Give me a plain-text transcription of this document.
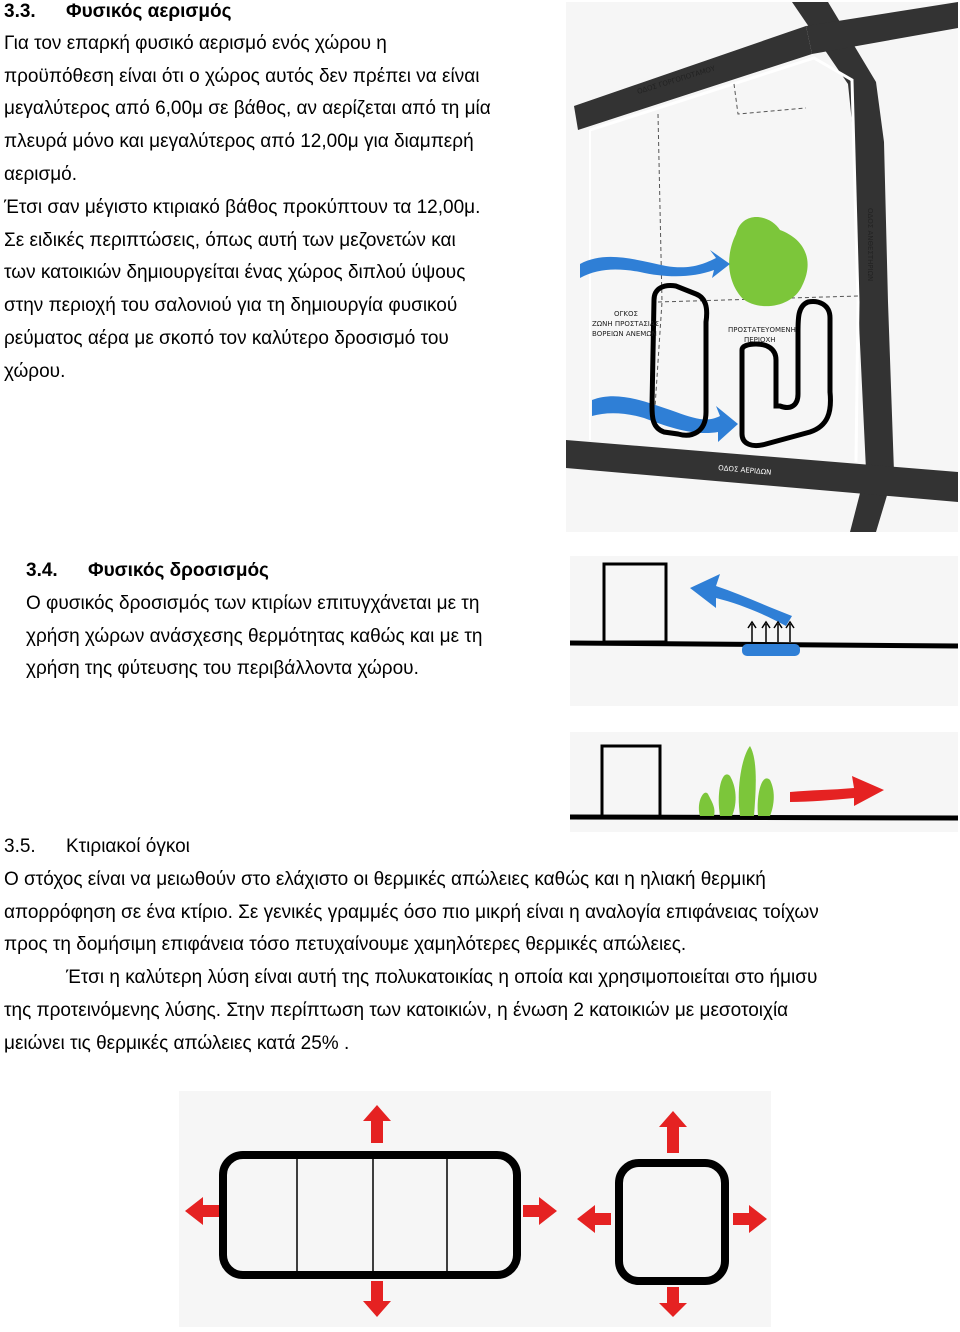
3.3. Φυσικός αερισμός
Για τον επαρκή φυσικό αερισμό ενός χώρου η
προϋπόθεση είναι ότι ο χώρος αυτός δεν πρέπει να είναι
μεγαλύτερος από 6,00μ σε βάθος, αν αερίζεται από τη μία
πλευρά μόνο και μεγαλύτερος από 12,00μ για διαμπερή
αερισμό.
Έτσι σαν μέγιστο κτιριακό βάθος προκύπτουν τα 12,00μ.
Σε ειδικές περιπτώσεις, όπως αυτή των μεζονετών και
των κατοικιών δημιουργείται ένας χώρος διπλού ύψους
στην περιοχή του σαλονιού για τη δημιουργία φυσικού
ρεύματος αέρα με σκοπό τον καλύτερο δροσισμό του
χώρου.
ΟΔΟΣ ΓΟΡΓΟΠΟΤΑΜΟΥ
ΟΔΟΣ ΑΝΘΕΣΤΗΡΙΩΝ
ΟΔΟΣ ΑΕΡΙΔΩΝ
ΟΓΚΟΣ
ΖΩΝΗ ΠΡΟΣΤΑΣΙΑΣ
ΒΟΡΕΙΩΝ ΑΝΕΜΩΝ	ΠΡΟΣΤΑΤΕΥΟΜΕΝΗ
ΠΕΡΙΟΧΗ
3.4. Φυσικός δροσισμός
Ο φυσικός δροσισμός των κτιρίων επιτυγχάνεται με τη
χρήση χώρων ανάσχεσης θερμότητας καθώς και με τη
χρήση της φύτευσης του περιβάλλοντα χώρου.
3.5. Κτιριακοί όγκοι
Ο στόχος είναι να μειωθούν στο ελάχιστο οι θερμικές απώλειες καθώς και η ηλιακή θερμική
απορρόφηση σε ένα κτίριο. Σε γενικές γραμμές όσο πιο μικρή είναι η αναλογία επιφάνειας τοίχων
προς τη δομήσιμη επιφάνεια τόσο πετυχαίνουμε χαμηλότερες θερμικές απώλειες.
Έτσι η καλύτερη λύση είναι αυτή της πολυκατοικίας η οποία και χρησιμοποιείται στο ήμισυ
της προτεινόμενης λύσης. Στην περίπτωση των κατοικιών, η ένωση 2 κατοικιών με μεσοτοιχία
μειώνει τις θερμικές απώλειες κατά 25% .
